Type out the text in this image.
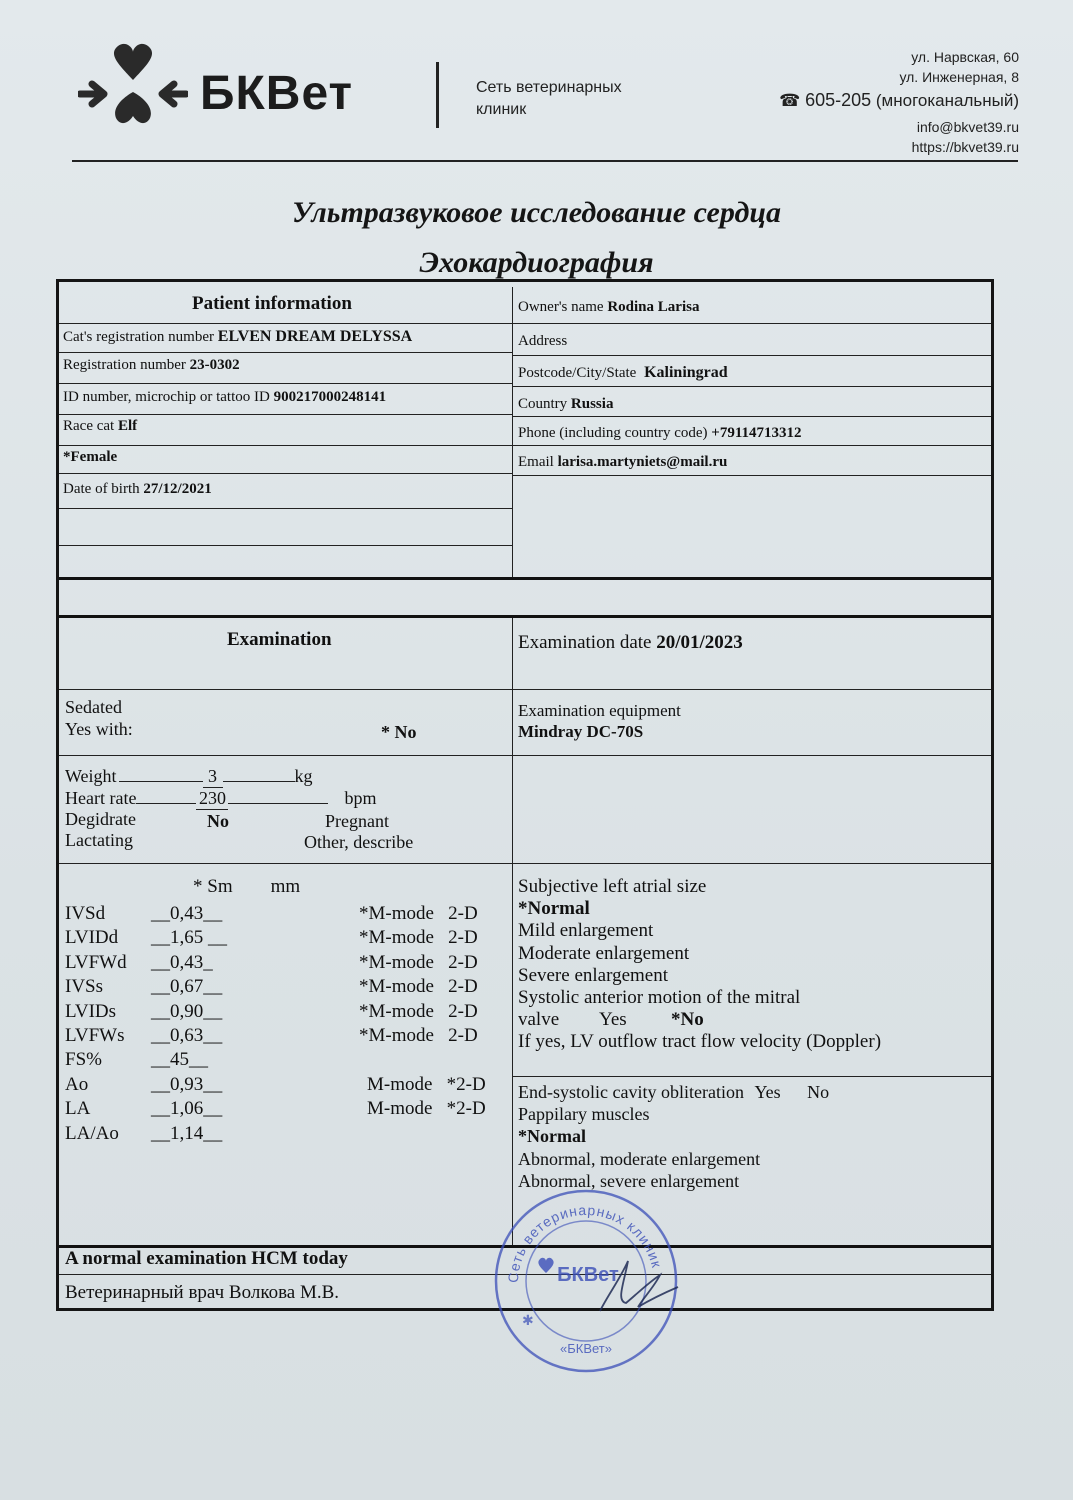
БКВет	Сеть ветеринарных
клиник
ул. Нарвская, 60
ул. Инженерная, 8
☎ 605-205 (многоканальный)
info@bkvet39.ru
https://bkvet39.ru
Ультразвуковое исследование сердца
Эхокардиография
Patient information
Cat's registration number ELVEN DREAM DELYSSA
Registration number 23-0302
ID number, microchip or tattoo ID 900217000248141
Race cat Elf
*Female
Date of birth 27/12/2021
Owner's name Rodina Larisa
Address
Postcode/City/State Kaliningrad
Country Russia
Phone (including country code) +79114713312
Email larisa.martyniets@mail.ru
Examination	Examination date 20/01/2023
Sedated
Yes with:	* No
Examination equipment
Mindray DC-70S
Weight	3	kg
Heart rate	230	bpm
Degidrate	No	Pregnant
Lactating	Other, describe
* Sm        mm
IVSd __0,43__	*M-mode   2-D
LVIDd __1,65 __	*M-mode   2-D
LVFWd __0,43_	*M-mode   2-D
IVSs	__0,67__	*M-mode   2-D
LVIDs __0,90__	*M-mode   2-D
LVFWs __0,63__	*M-mode   2-D
FS%	__45__
Ao	__0,93__	M-mode   *2-D
LA	__1,06__	M-mode   *2-D
LA/Ao __1,14__
Subjective left atrial size
*Normal
Mild enlargement
Moderate enlargement
Severe enlargement
Systolic anterior motion of the mitral
valve Yes *No
If yes, LV outflow tract flow velocity (Doppler)
End-systolic cavity obliteration Yes No
Pappilary muscles
*Normal
Abnormal, moderate enlargement
Abnormal, severe enlargement
A normal examination HCM today
Ветеринарный врач Волкова М.В.
Сеть ветеринарных клиник
БКВет
«БКВет»
✱
